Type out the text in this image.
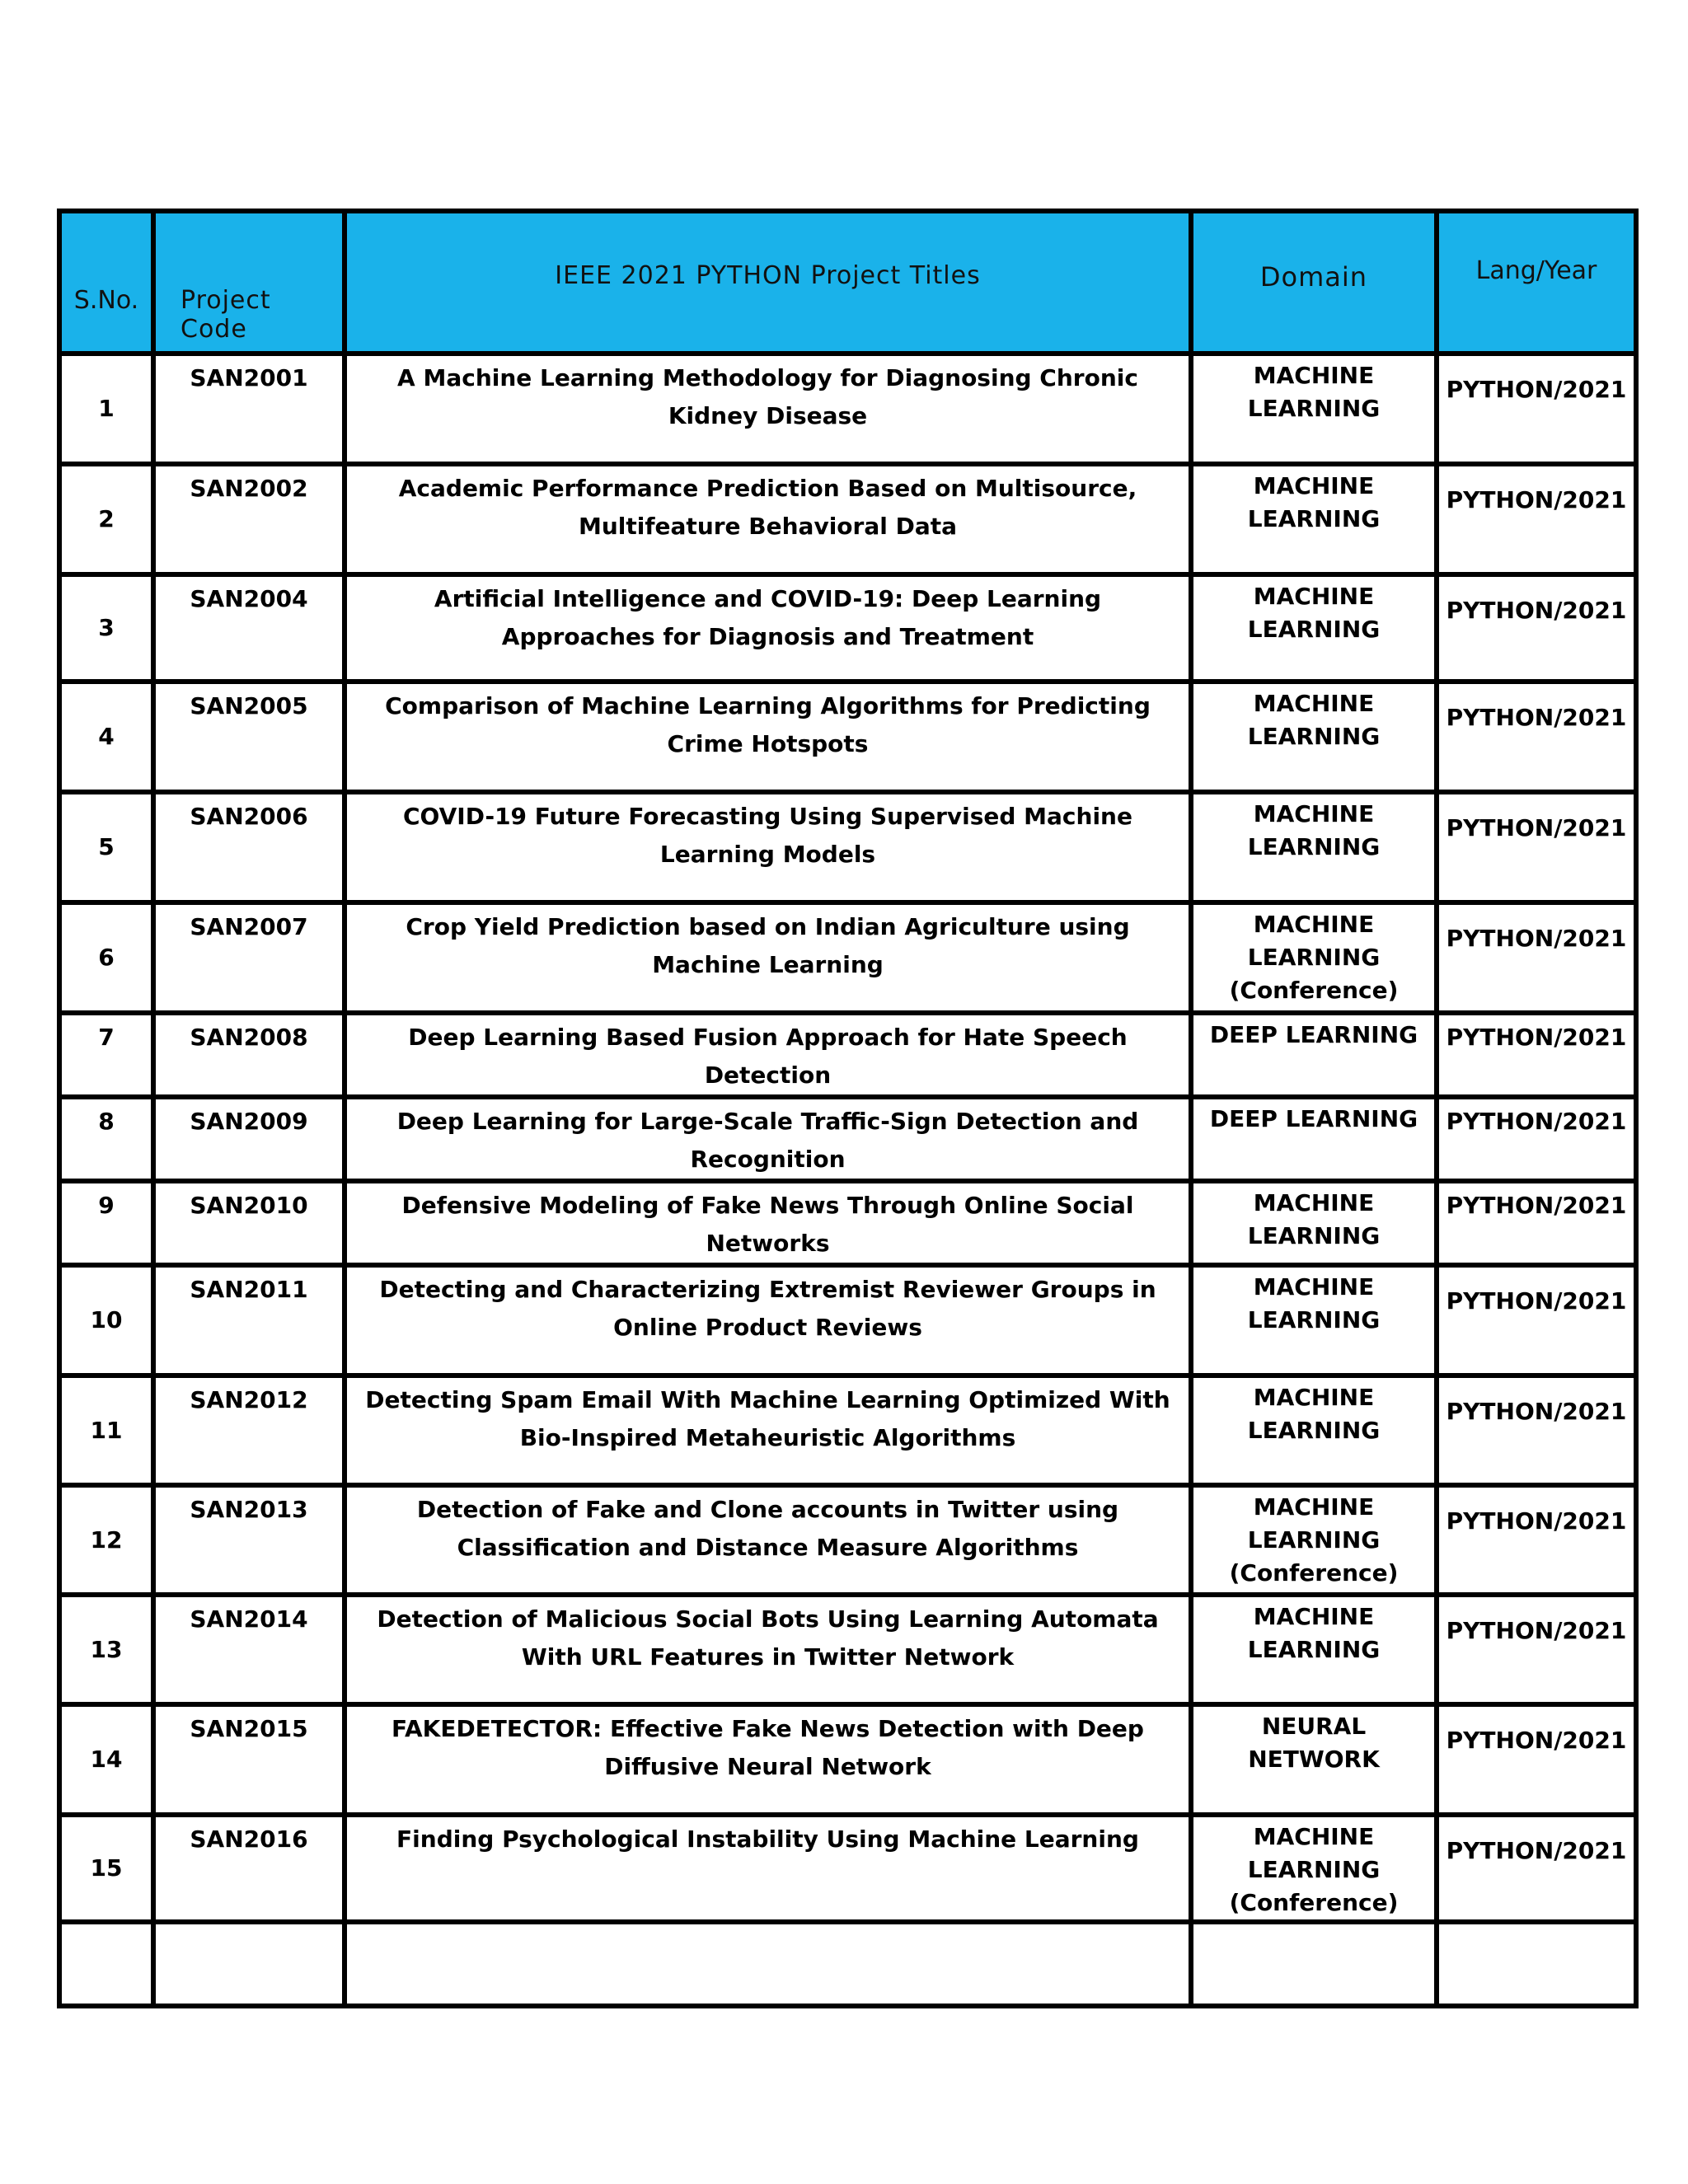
S.No.	Project Code	IEEE 2021 PYTHON Project Titles	Domain	Lang/Year

1	SAN2001	A Machine Learning Methodology for Diagnosing Chronic Kidney Disease	MACHINE LEARNING	PYTHON/2021
2	SAN2002	Academic Performance Prediction Based on Multisource, Multifeature Behavioral Data	MACHINE LEARNING	PYTHON/2021
3	SAN2004	Artificial Intelligence and COVID-19: Deep Learning Approaches for Diagnosis and Treatment	MACHINE LEARNING	PYTHON/2021
4	SAN2005	Comparison of Machine Learning Algorithms for Predicting Crime Hotspots	MACHINE LEARNING	PYTHON/2021
5	SAN2006	COVID-19 Future Forecasting Using Supervised Machine Learning Models	MACHINE LEARNING	PYTHON/2021
6	SAN2007	Crop Yield Prediction based on Indian Agriculture using Machine Learning	MACHINE LEARNING (Conference)	PYTHON/2021
7	SAN2008	Deep Learning Based Fusion Approach for Hate Speech Detection	DEEP LEARNING	PYTHON/2021
8	SAN2009	Deep Learning for Large-Scale Traffic-Sign Detection and Recognition	DEEP LEARNING	PYTHON/2021
9	SAN2010	Defensive Modeling of Fake News Through Online Social Networks	MACHINE LEARNING	PYTHON/2021
10	SAN2011	Detecting and Characterizing Extremist Reviewer Groups in Online Product Reviews	MACHINE LEARNING	PYTHON/2021
11	SAN2012	Detecting Spam Email With Machine Learning Optimized With Bio-Inspired Metaheuristic Algorithms	MACHINE LEARNING	PYTHON/2021
12	SAN2013	Detection of Fake and Clone accounts in Twitter using Classification and Distance Measure Algorithms	MACHINE LEARNING (Conference)	PYTHON/2021
13	SAN2014	Detection of Malicious Social Bots Using Learning Automata With URL Features in Twitter Network	MACHINE LEARNING	PYTHON/2021
14	SAN2015	FAKEDETECTOR: Effective Fake News Detection with Deep Diffusive Neural Network	NEURAL NETWORK	PYTHON/2021
15	SAN2016	Finding Psychological Instability Using Machine Learning	MACHINE LEARNING (Conference)	PYTHON/2021
